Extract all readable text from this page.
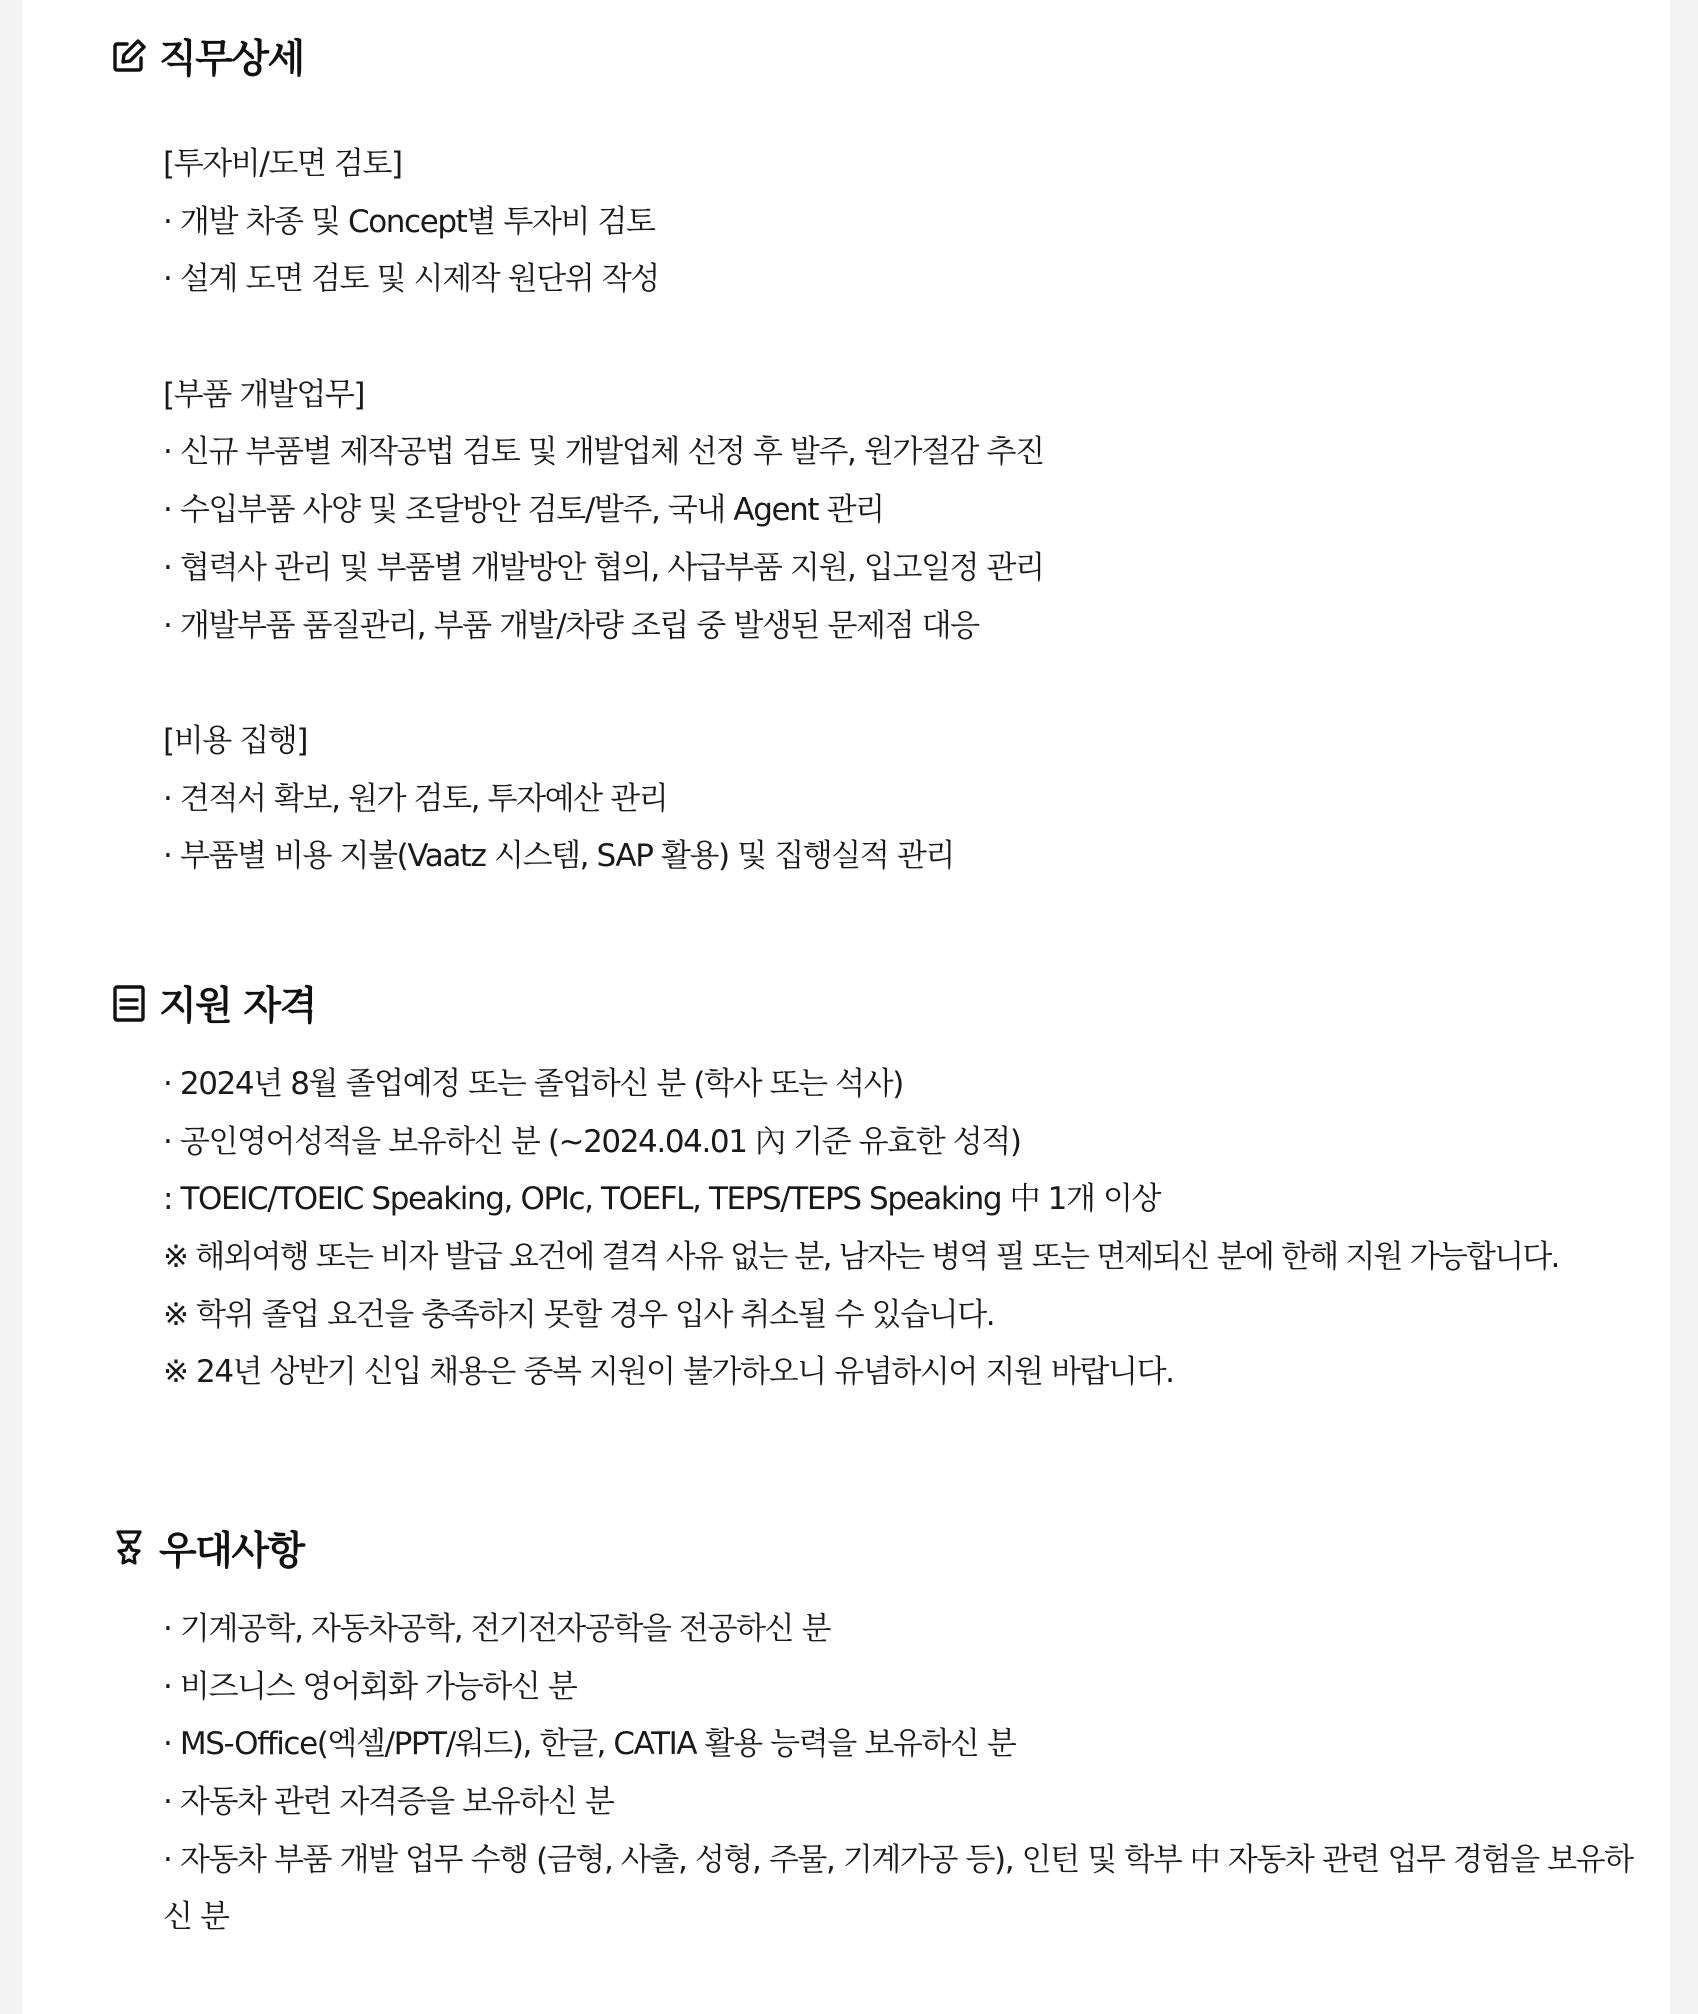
직무상세
[투자비/도면 검토]
· 개발 차종 및 Concept별 투자비 검토
· 설계 도면 검토 및 시제작 원단위 작성
[부품 개발업무]
· 신규 부품별 제작공법 검토 및 개발업체 선정 후 발주, 원가절감 추진
· 수입부품 사양 및 조달방안 검토/발주, 국내 Agent 관리
· 협력사 관리 및 부품별 개발방안 협의, 사급부품 지원, 입고일정 관리
· 개발부품 품질관리, 부품 개발/차량 조립 중 발생된 문제점 대응
[비용 집행]
· 견적서 확보, 원가 검토, 투자예산 관리
· 부품별 비용 지불(Vaatz 시스템, SAP 활용) 및 집행실적 관리
지원 자격
· 2024년 8월 졸업예정 또는 졸업하신 분 (학사 또는 석사)
· 공인영어성적을 보유하신 분 (~2024.04.01 內 기준 유효한 성적)
: TOEIC/TOEIC Speaking, OPIc, TOEFL, TEPS/TEPS Speaking 中 1개 이상
※ 해외여행 또는 비자 발급 요건에 결격 사유 없는 분, 남자는 병역 필 또는 면제되신 분에 한해 지원 가능합니다.
※ 학위 졸업 요건을 충족하지 못할 경우 입사 취소될 수 있습니다.
※ 24년 상반기 신입 채용은 중복 지원이 불가하오니 유념하시어 지원 바랍니다.
우대사항
· 기계공학, 자동차공학, 전기전자공학을 전공하신 분
· 비즈니스 영어회화 가능하신 분
· MS-Office(엑셀/PPT/워드), 한글, CATIA 활용 능력을 보유하신 분
· 자동차 관련 자격증을 보유하신 분
· 자동차 부품 개발 업무 수행 (금형, 사출, 성형, 주물, 기계가공 등), 인턴 및 학부 中 자동차 관련 업무 경험을 보유하신 분
